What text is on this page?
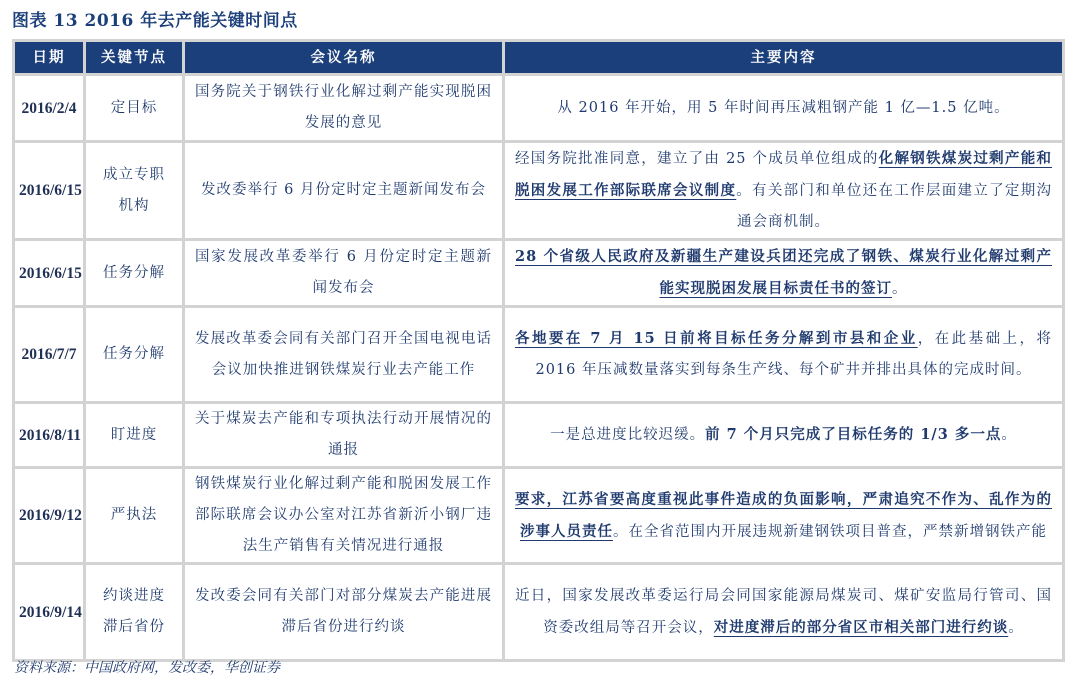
图表 13 2016 年去产能关键时间点
日期	关键节点	会议名称	主要内容
2016/2/4	定目标	国务院关于钢铁行业化解过剩产能实现脱困发展的意见	从 2016 年开始，用 5 年时间再压减粗钢产能 1 亿—1.5 亿吨。
2016/6/15	成立专职机构	发改委举行 6 月份定时定主题新闻发布会	经国务院批准同意，建立了由 25 个成员单位组成的化解钢铁煤炭过剩产能和脱困发展工作部际联席会议制度。有关部门和单位还在工作层面建立了定期沟通会商机制。
2016/6/15	任务分解	国家发展改革委举行 6 月份定时定主题新闻发布会	28 个省级人民政府及新疆生产建设兵团还完成了钢铁、煤炭行业化解过剩产能实现脱困发展目标责任书的签订。
2016/7/7	任务分解	发展改革委会同有关部门召开全国电视电话会议加快推进钢铁煤炭行业去产能工作	各地要在 7 月 15 日前将目标任务分解到市县和企业，在此基础上，将 2016 年压减数量落实到每条生产线、每个矿井并排出具体的完成时间。
2016/8/11	盯进度	关于煤炭去产能和专项执法行动开展情况的通报	一是总进度比较迟缓。前 7 个月只完成了目标任务的 1/3 多一点。
2016/9/12	严执法	钢铁煤炭行业化解过剩产能和脱困发展工作部际联席会议办公室对江苏省新沂小钢厂违法生产销售有关情况进行通报	要求，江苏省要高度重视此事件造成的负面影响，严肃追究不作为、乱作为的涉事人员责任。在全省范围内开展违规新建钢铁项目普查，严禁新增钢铁产能
2016/9/14	约谈进度滞后省份	发改委会同有关部门对部分煤炭去产能进展滞后省份进行约谈	近日，国家发展改革委运行局会同国家能源局煤炭司、煤矿安监局行管司、国资委改组局等召开会议，对进度滞后的部分省区市相关部门进行约谈。
资料来源：中国政府网，发改委，华创证券
